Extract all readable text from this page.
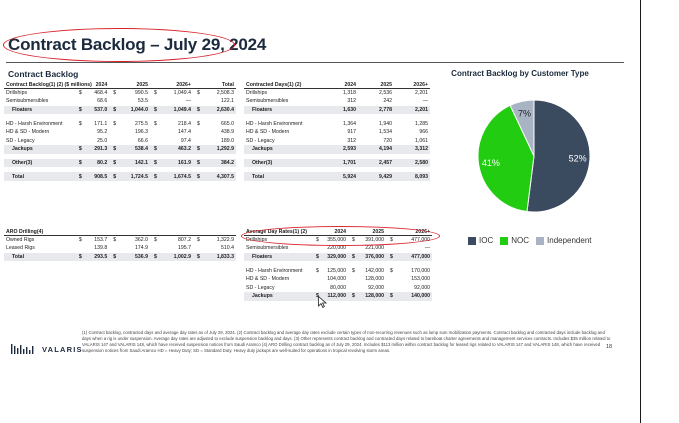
Contract Backlog – July 29, 2024
Contract Backlog	Contract Backlog by Customer Type
Contract Backlog(1) (2) ($ millions)		2024		2025		2026+		Total
Drillships	$	468.4	$	990.5	$	1,049.4	$	2,508.3
Semisubmersibles		68.6		53.5		—		122.1
Floaters	$	537.0	$	1,044.0	$	1,049.4	$	2,630.4

HD - Harsh Environment	$	171.1	$	275.5	$	218.4	$	665.0
HD & SD - Modern		95.2		196.3		147.4		438.9
SD - Legacy		25.0		66.6		97.4		189.0
Jackups	$	291.3	$	538.4	$	463.2	$	1,292.9

Other(3)	$	80.2	$	142.1	$	161.9	$	384.2

Total	$	908.5	$	1,724.5	$	1,674.5	$	4,307.5
ARO Drilling(4)								
Owned Rigs	$	153.7	$	362.0	$	807.2	$	1,322.9
Leased Rigs		139.8		174.9		195.7		510.4
Total	$	293.5	$	536.9	$	1,002.9	$	1,833.3
Contracted Days(1) (2)	2024	2025	2026+
Drillships	1,318	2,536	2,201
Semisubmersibles	312	242	—
Floaters	1,630	2,778	2,201

HD - Harsh Environment	1,364	1,940	1,285
HD & SD - Modern	917	1,534	966
SD - Legacy	312	720	1,061
Jackups	2,593	4,194	3,312

Other(3)	1,701	2,457	2,580

Total	5,924	9,429	8,093
Average Day Rates(1) (2)		2024		2025		2026+
Drillships	$	355,000	$	391,000	$	477,000
Semisubmersibles		220,000		221,000		—
Floaters	$	329,000	$	376,000	$	477,000

HD - Harsh Environment	$	125,000	$	142,000	$	170,000
HD & SD - Modern		104,000		128,000		153,000
SD - Legacy		80,000		92,000		92,000
Jackups	$	112,000	$	128,000	$	140,000
52%
41%
7%
IOC NOC Independent
VALARIS
(1) Contract backlog, contracted days and average day rates as of July 29, 2024. (2) Contract backlog and average day rates exclude certain types of non-recurring revenues such as lump sum mobilization payments. Contract backlog and contracted days include backlog and days when a rig is under suspension. Average day rates are adjusted to exclude suspension backlog and days. (3) Other represents contract backlog and contracted days related to bareboat charter agreements and management services contracts. Includes $35 million related to VALARIS 147 and VALARIS 148, which have received suspension notices from Saudi Aramco (4) ARO Drilling contract backlog as of July 29, 2024. Includes $113 million within contract backlog for leased rigs related to VALARIS 147 and VALARIS 148, which have received suspension notices from Saudi Aramco HD = Heavy Duty; SD = Standard Duty. Heavy duty jackups are well-suited for operations in tropical revolving storm areas.
18
